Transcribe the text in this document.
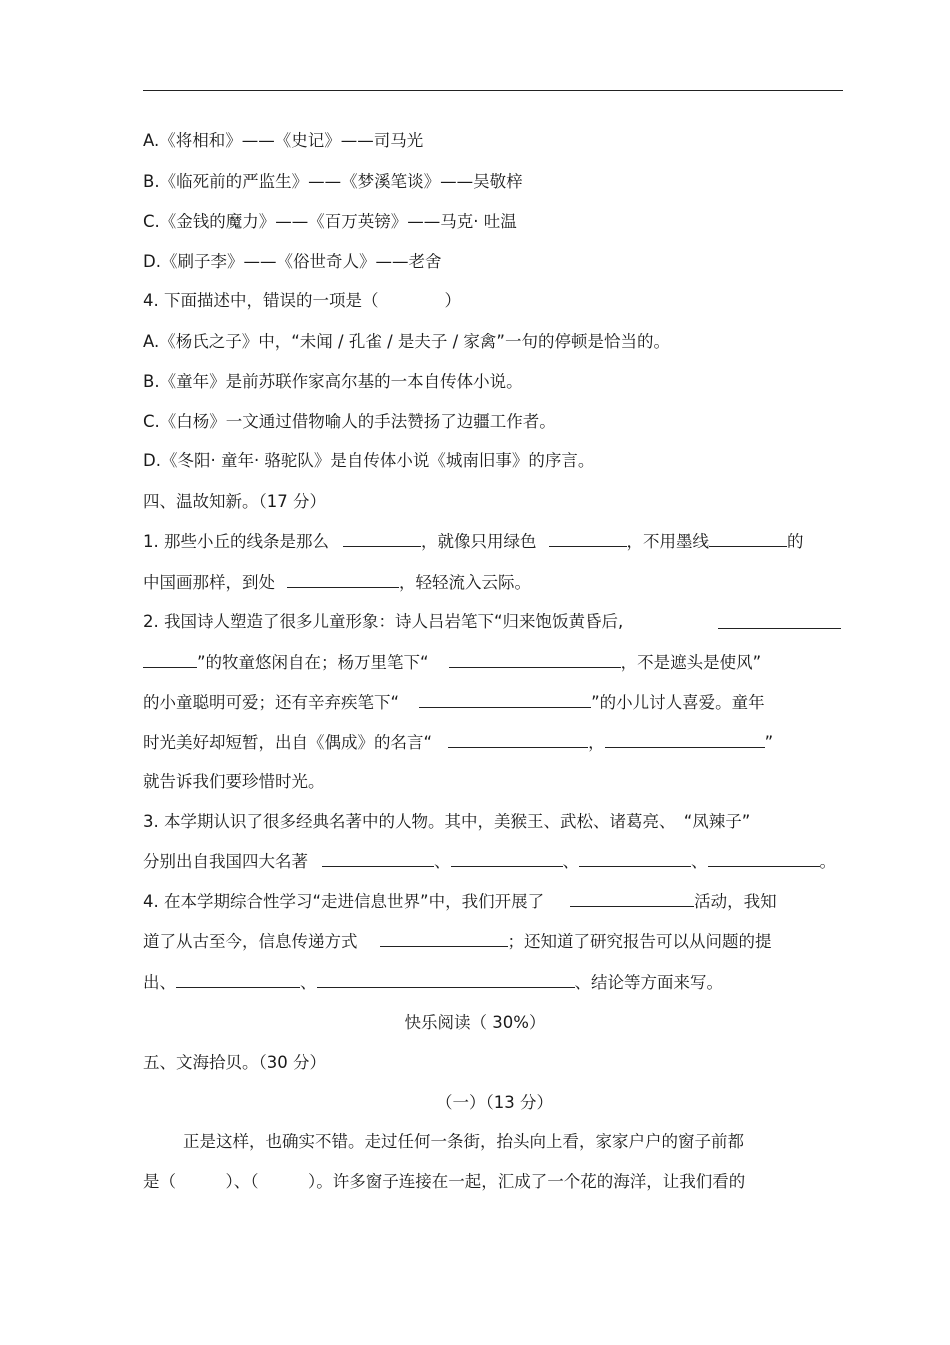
A.《将相和》——《史记》——司马光
B.《临死前的严监生》——《梦溪笔谈》——吴敬梓
C.《金钱的魔力》——《百万英镑》——马克· 吐温
D.《刷子李》——《俗世奇人》——老舍
4. 下面描述中，错误的一项是（　　　　）
A.《杨氏之子》中，“未闻 / 孔雀 / 是夫子 / 家禽”一句的停顿是恰当的。
B.《童年》是前苏联作家高尔基的一本自传体小说。
C.《白杨》一文通过借物喻人的手法赞扬了边疆工作者。
D.《冬阳· 童年· 骆驼队》是自传体小说《城南旧事》的序言。
四、温故知新。（17 分）
1. 那些小丘的线条是那么	，就像只用绿色	，不用墨线	的
中国画那样，到处	，轻轻流入云际。
2. 我国诗人塑造了很多儿童形象：诗人吕岩笔下“归来饱饭黄昏后,
”的牧童悠闲自在；杨万里笔下“	，不是遮头是使风”
的小童聪明可爱；还有辛弃疾笔下“	”的小儿讨人喜爱。童年
时光美好却短暂，出自《偶成》的名言“	，	”
就告诉我们要珍惜时光。
3. 本学期认识了很多经典名著中的人物。其中，美猴王、武松、诸葛亮、　“凤辣子”
分别出自我国四大名著	、	、	、	。
4. 在本学期综合性学习“走进信息世界”中，我们开展了	活动，我知
道了从古至今，信息传递方式	；还知道了研究报告可以从问题的提
出、	、	、结论等方面来写。
快乐阅读（ 30%）
五、文海拾贝。（30 分）
（一）（13 分）
正是这样，也确实不错。走过任何一条街，抬头向上看，家家户户的窗子前都
是（　　　）、（　　　）。许多窗子连接在一起，汇成了一个花的海洋，让我们看的
